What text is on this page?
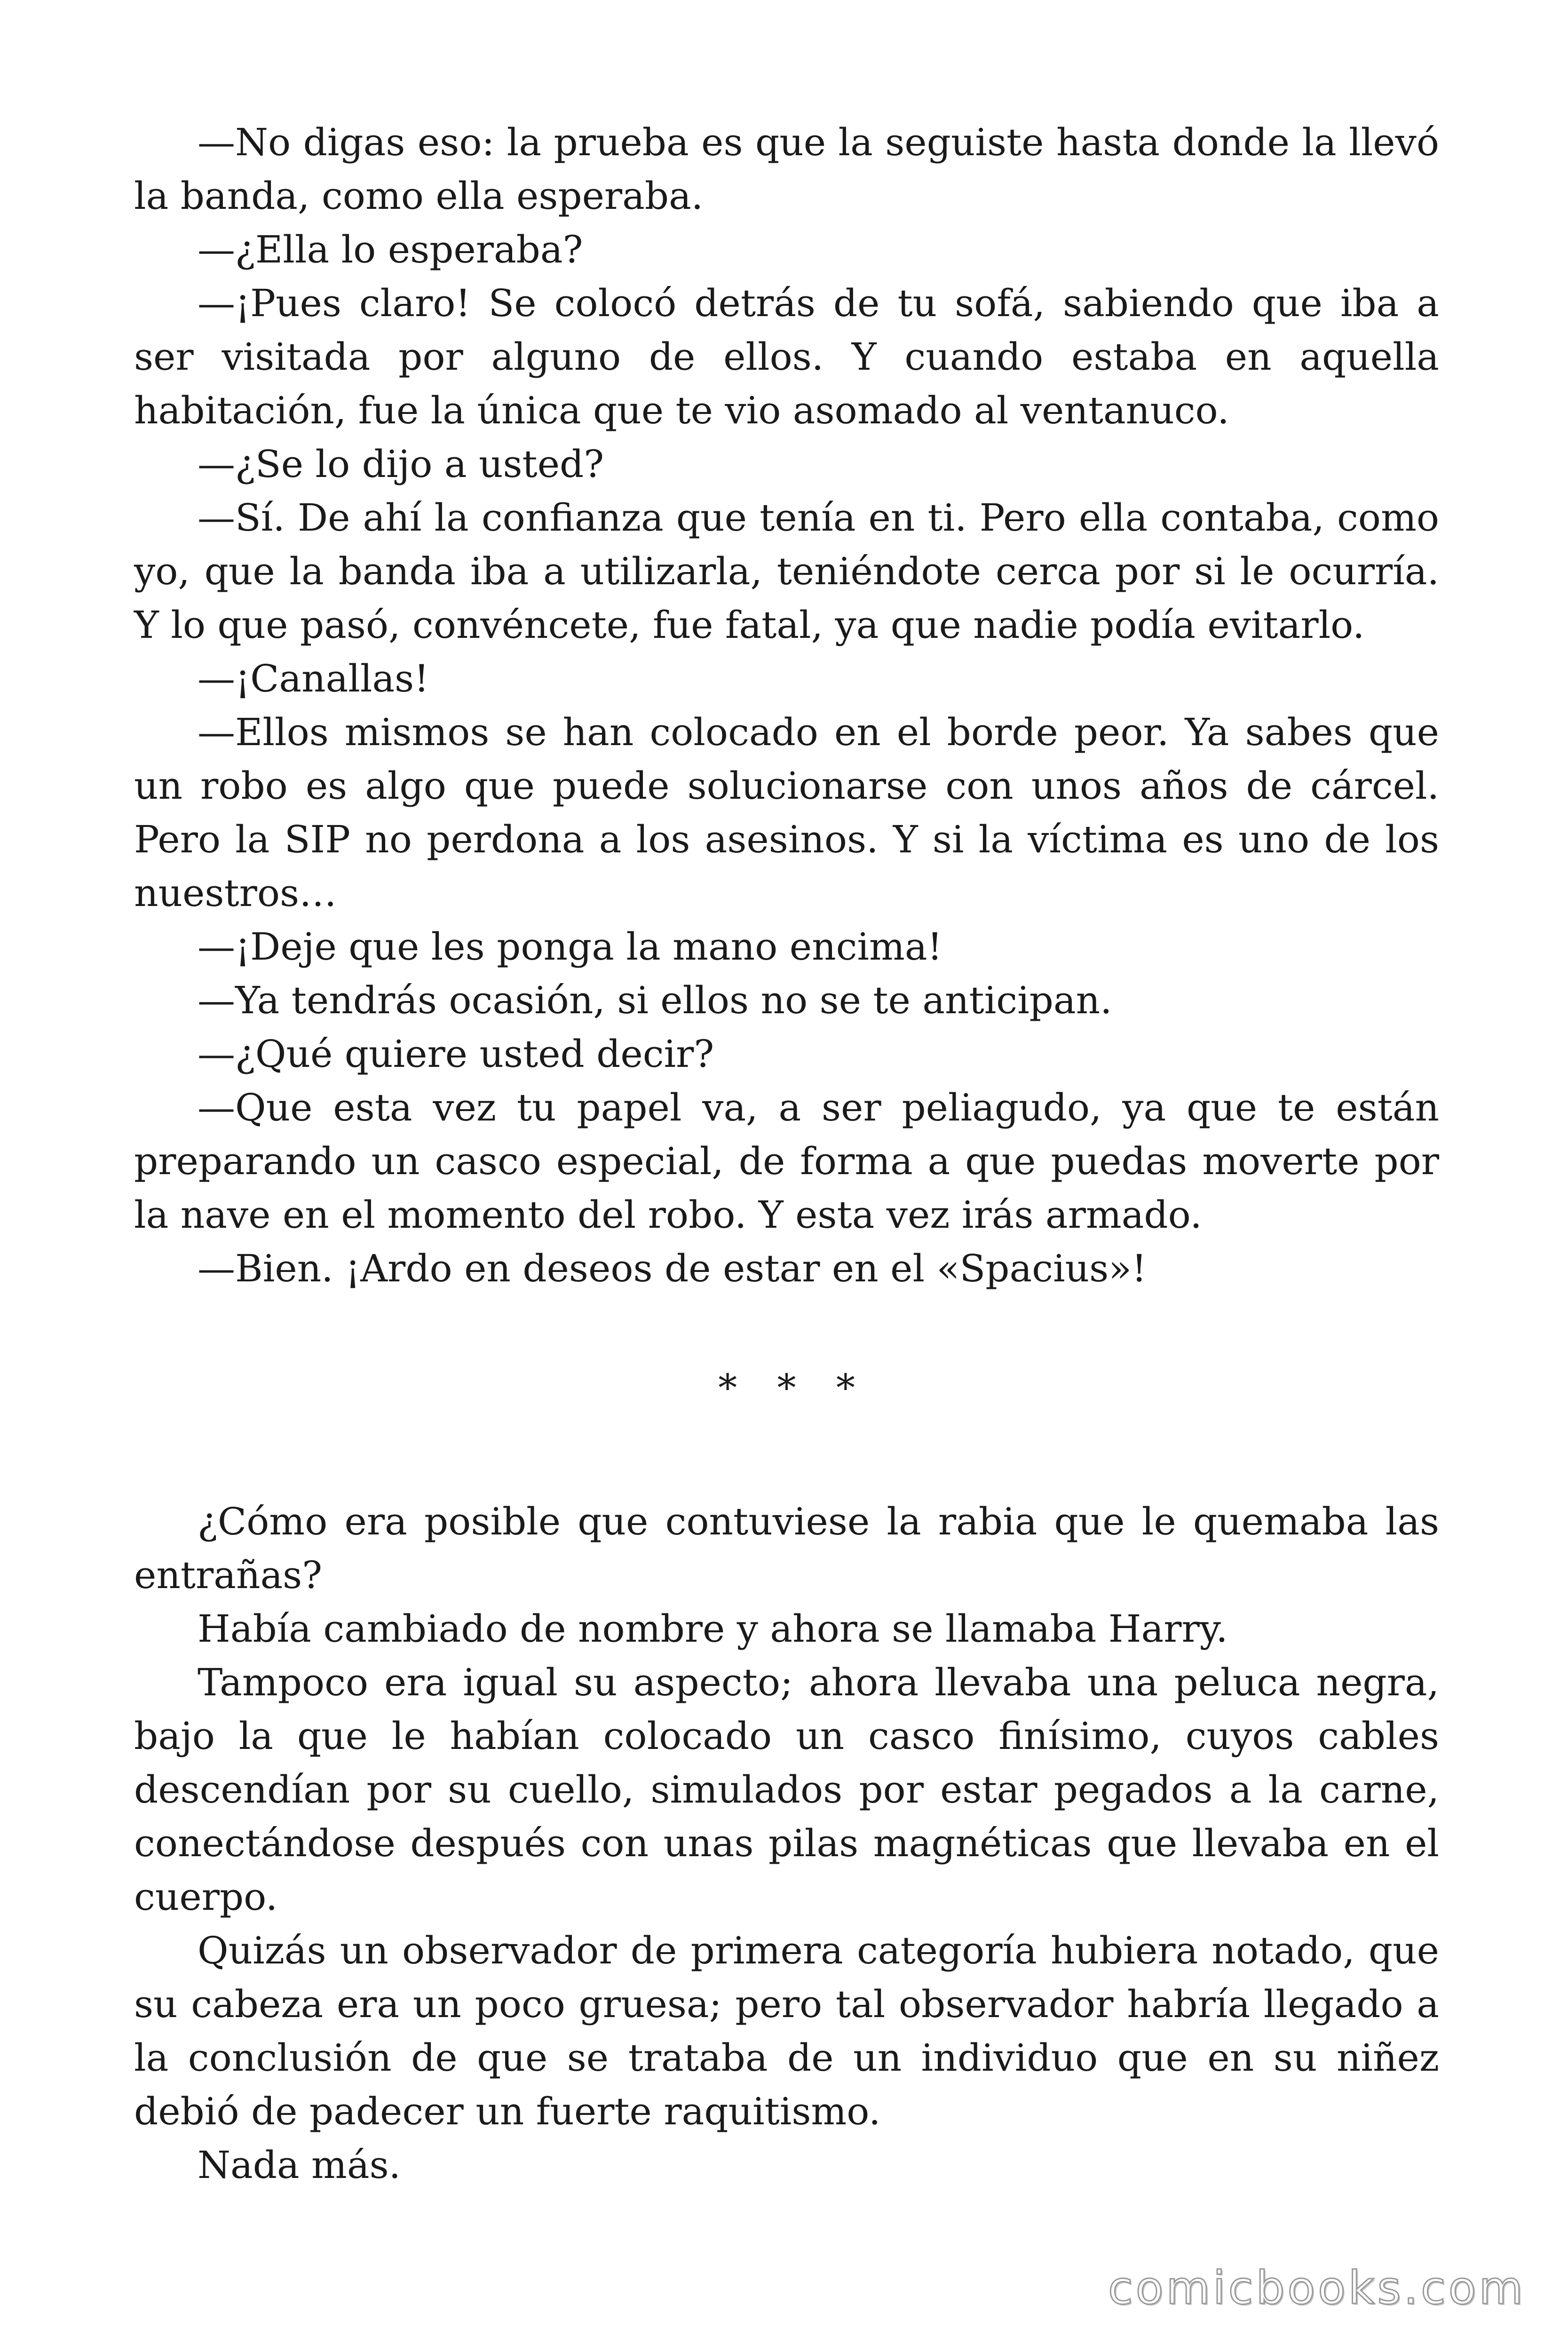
—No digas eso: la prueba es que la seguiste hasta donde la llevó la banda, como ella esperaba.

—¿Ella lo esperaba?

—¡Pues claro! Se colocó detrás de tu sofá, sabiendo que iba a ser visitada por alguno de ellos. Y cuando estaba en aquella habitación, fue la única que te vio asomado al ventanuco.

—¿Se lo dijo a usted?

—Sí. De ahí la confianza que tenía en ti. Pero ella contaba, como yo, que la banda iba a utilizarla, teniéndote cerca por si le ocurría. Y lo que pasó, convéncete, fue fatal, ya que nadie podía evitarlo.

—¡Canallas!

—Ellos mismos se han colocado en el borde peor. Ya sabes que un robo es algo que puede solucionarse con unos años de cárcel. Pero la SIP no perdona a los asesinos. Y si la víctima es uno de los nuestros…

—¡Deje que les ponga la mano encima!

—Ya tendrás ocasión, si ellos no se te anticipan.

—¿Qué quiere usted decir?

—Que esta vez tu papel va, a ser peliagudo, ya que te están preparando un casco especial, de forma a que puedas moverte por la nave en el momento del robo. Y esta vez irás armado.

—Bien. ¡Ardo en deseos de estar en el «Spacius»!

* * *

¿Cómo era posible que contuviese la rabia que le quemaba las entrañas?

Había cambiado de nombre y ahora se llamaba Harry.

Tampoco era igual su aspecto; ahora llevaba una peluca negra, bajo la que le habían colocado un casco finísimo, cuyos cables descendían por su cuello, simulados por estar pegados a la carne, conectándose después con unas pilas magnéticas que llevaba en el cuerpo.

Quizás un observador de primera categoría hubiera notado, que su cabeza era un poco gruesa; pero tal observador habría llegado a la conclusión de que se trataba de un individuo que en su niñez debió de padecer un fuerte raquitismo.

Nada más.

comicbooks.com
